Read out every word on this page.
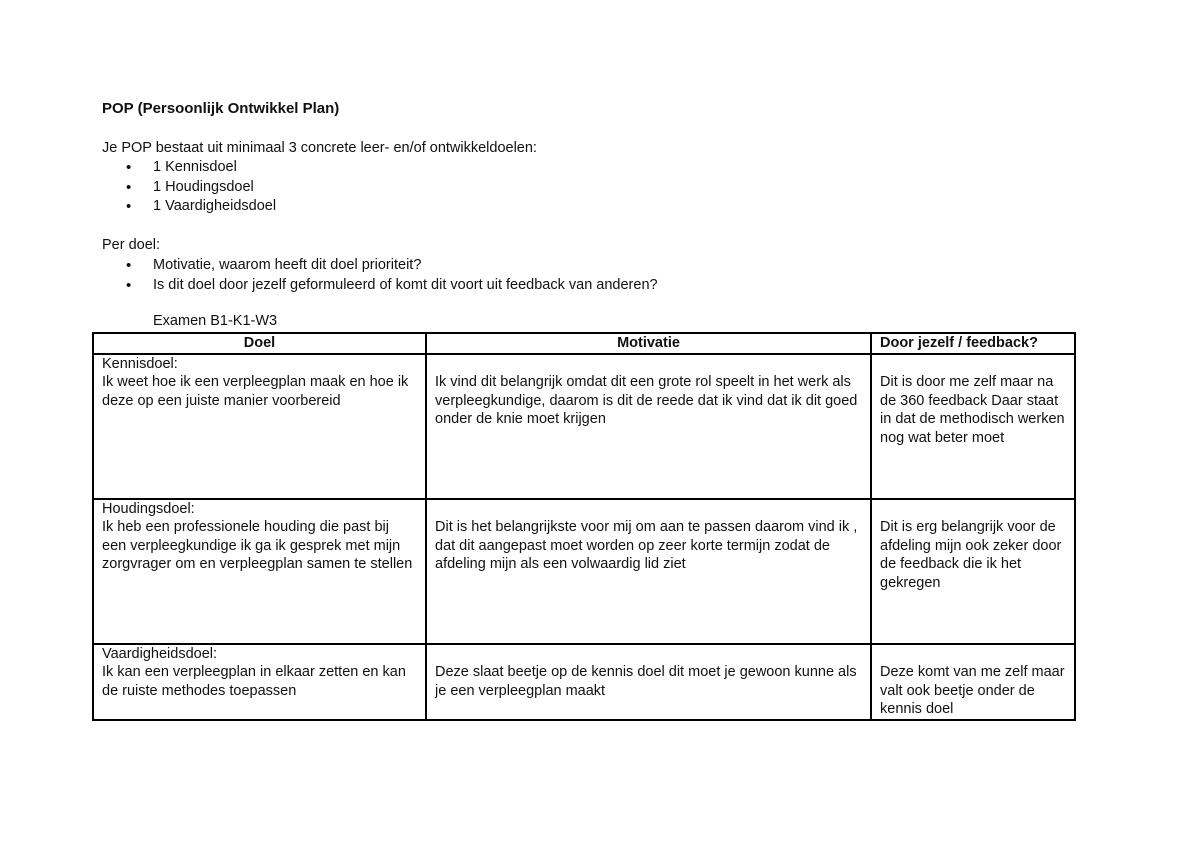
POP (Persoonlijk Ontwikkel Plan)
Je POP bestaat uit minimaal 3 concrete leer- en/of ontwikkeldoelen:
• 1 Kennisdoel
• 1 Houdingsdoel
• 1 Vaardigheidsdoel
Per doel:
• Motivatie, waarom heeft dit doel prioriteit?
• Is dit doel door jezelf geformuleerd of komt dit voort uit feedback van anderen?
Examen B1-K1-W3
Doel	Motivatie	Door jezelf / feedback?

Kennisdoel:
Ik weet hoe ik een verpleegplan maak en hoe ik deze op een juiste manier voorbereid	Ik vind dit belangrijk omdat dit een grote rol speelt in het werk als verpleegkundige, daarom is dit de reede dat ik vind dat ik dit goed onder de knie moet krijgen	Dit is door me zelf maar na de 360 feedback Daar staat in dat de methodisch werken nog wat beter moet

Houdingsdoel:
Ik heb een professionele houding die past bij een verpleegkundige ik ga ik gesprek met mijn zorgvrager om en verpleegplan samen te stellen	Dit is het belangrijkste voor mij om aan te passen daarom vind ik , dat dit aangepast moet worden op zeer korte termijn zodat de afdeling mijn als een volwaardig lid ziet	Dit is erg belangrijk voor de afdeling mijn ook zeker door de feedback die ik het gekregen

Vaardigheidsdoel:
Ik kan een verpleegplan in elkaar zetten en kan de ruiste methodes toepassen	Deze slaat beetje op de kennis doel dit moet je gewoon kunne als je een verpleegplan maakt	Deze komt van me zelf maar valt ook beetje onder de kennis doel
